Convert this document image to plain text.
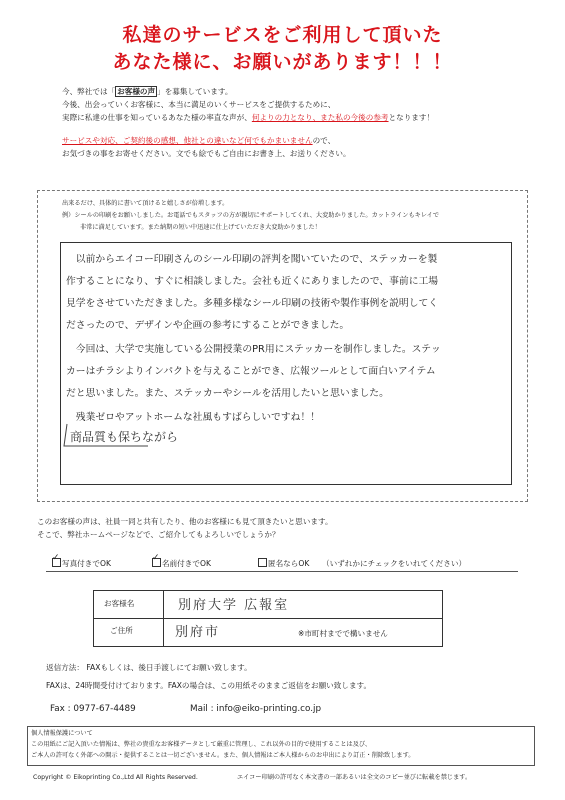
私達のサービスをご利用して頂いた
あなた様に、お願いがあります！！！
今、弊社では「 お客様の声 」を募集しています。
今後、出会っていくお客様に、本当に満足のいくサービスをご提供するために、
実際に私達の仕事を知っているあなた様の率直な声が、何よりの力となり、また私の今後の参考となります！
サービスや対応、ご契約後の感想、他社との違いなど何でもかまいませんので、
お気づきの事をお寄せください。文でも絵でもご自由にお書き上、お送りください。
出来るだけ、具体的に書いて頂けると嬉しさが倍増します。
例）シールの印刷をお願いしました。お電話でもスタッフの方が親切にサポートしてくれ、大変助かりました。カットラインもキレイで
非常に満足しています。また納期の短い中迅速に仕上げていただき大変助かりました！
　以前からエイコー印刷さんのシール印刷の評判を聞いていたので、ステッカーを製
作することになり、すぐに相談しました。会社も近くにありましたので、事前に工場
見学をさせていただきました。多種多様なシール印刷の技術や製作事例を説明してく
ださったので、デザインや企画の参考にすることができました。
　今回は、大学で実施している公開授業のPR用にステッカーを制作しました。ステッ
カーはチラシよりインパクトを与えることができ、広報ツールとして面白いアイテム
だと思いました。また、ステッカーやシールを活用したいと思いました。
　残業ゼロやアットホームな社風もすばらしいですね！！
商品質も保ちながら
このお客様の声は、社員一同と共有したり、他のお客様にも見て頂きたいと思います。
そこで、弊社ホームページなどで、ご紹介してもよろしいでしょうか？
✓
写真付きでOK
✓
名前付きでOK	匿名ならOK （いずれかにチェックをいれてください）
お客様名	別府大学 広報室
ご住所	別府市	※市町村までで構いません
返信方法： FAXもしくは、後日手渡しにてお願い致します。
FAXは、24時間受付けております。FAXの場合は、この用紙そのままご返信をお願い致します。
Fax : 0977-67-4489	Mail : info@eiko-printing.co.jp
個人情報保護について
この用紙にご記入頂いた情報は、弊社の貴重なお客様データとして厳重に管理し、これ以外の目的で使用することは及び、
ご本人の許可なく外部への開示・提供することは一切ございません。また、個人情報はご本人様からのお申出により訂正・削除致します。
Copyright © Eikoprinting Co.,Ltd All Rights Reserved.	エイコー印刷の許可なく本文書の一部あるいは全文のコピー並びに転載を禁じます。
